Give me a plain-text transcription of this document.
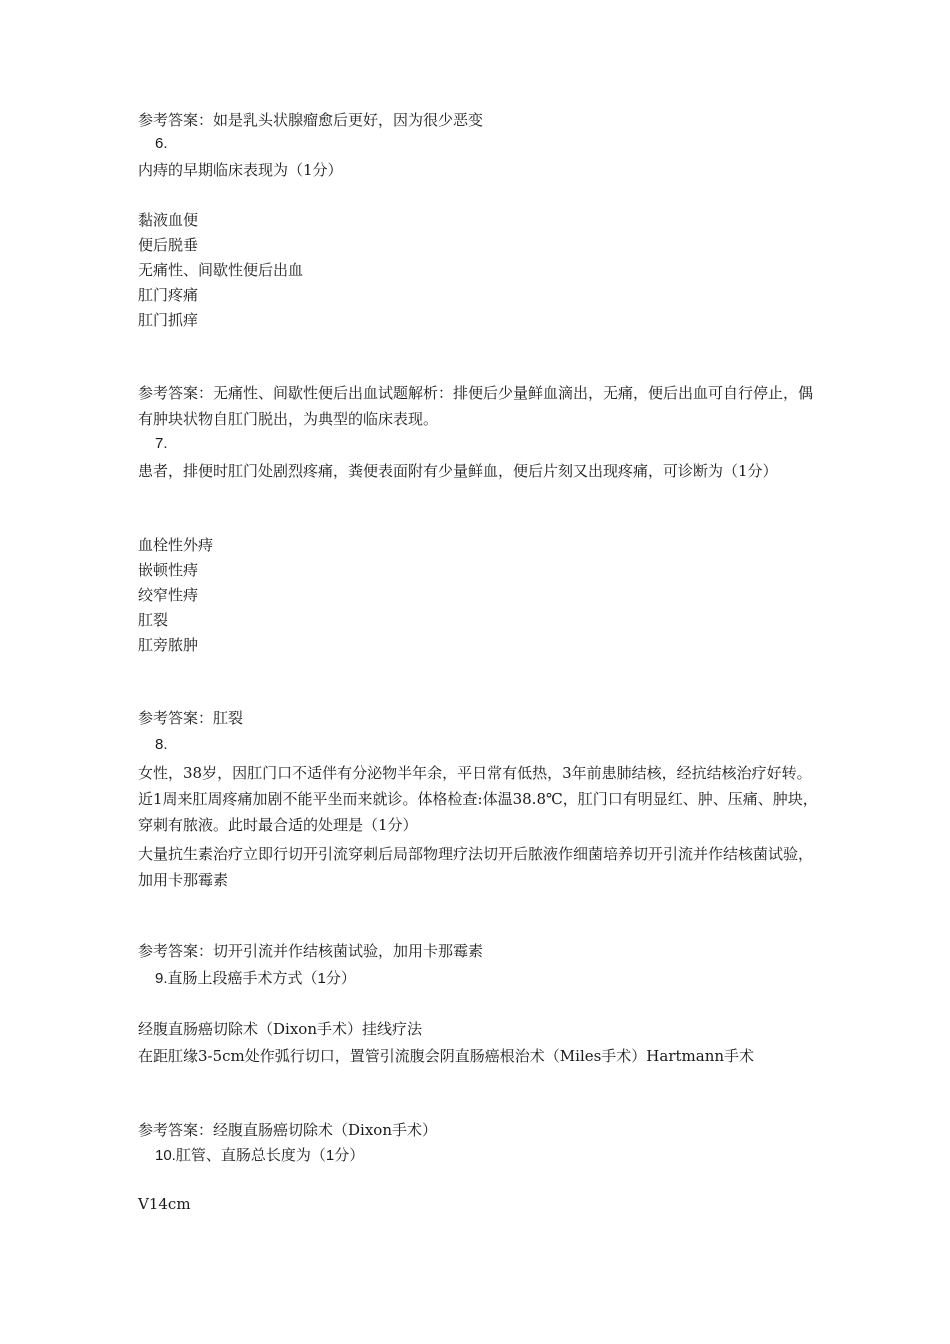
参考答案：如是乳头状腺瘤愈后更好，因为很少恶变
6.
内痔的早期临床表现为（1分）
黏液血便
便后脱垂
无痛性、间歇性便后出血
肛门疼痛
肛门抓痒
参考答案：无痛性、间歇性便后出血试题解析：排便后少量鲜血滴出，无痛，便后出血可自行停止，偶有肿块状物自肛门脱出，为典型的临床表现。
7.
患者，排便时肛门处剧烈疼痛，粪便表面附有少量鲜血，便后片刻又出现疼痛，可诊断为（1分）
血栓性外痔
嵌顿性痔
绞窄性痔
肛裂
肛旁脓肿
参考答案：肛裂
8.
女性，38岁，因肛门口不适伴有分泌物半年余，平日常有低热，3年前患肺结核，经抗结核治疗好转。近1周来肛周疼痛加剧不能平坐而来就诊。体格检查:体温38.8℃，肛门口有明显红、肿、压痛、肿块，穿刺有脓液。此时最合适的处理是（1分）
大量抗生素治疗立即行切开引流穿刺后局部物理疗法切开后脓液作细菌培养切开引流并作结核菌试验，加用卡那霉素
参考答案：切开引流并作结核菌试验，加用卡那霉素
9.直肠上段癌手术方式（1分）
经腹直肠癌切除术（Dixon手术）挂线疗法
在距肛缘3-5cm处作弧行切口，置管引流腹会阴直肠癌根治术（Miles手术）Hartmann手术
参考答案：经腹直肠癌切除术（Dixon手术）
10.肛管、直肠总长度为（1分）
V14cm
